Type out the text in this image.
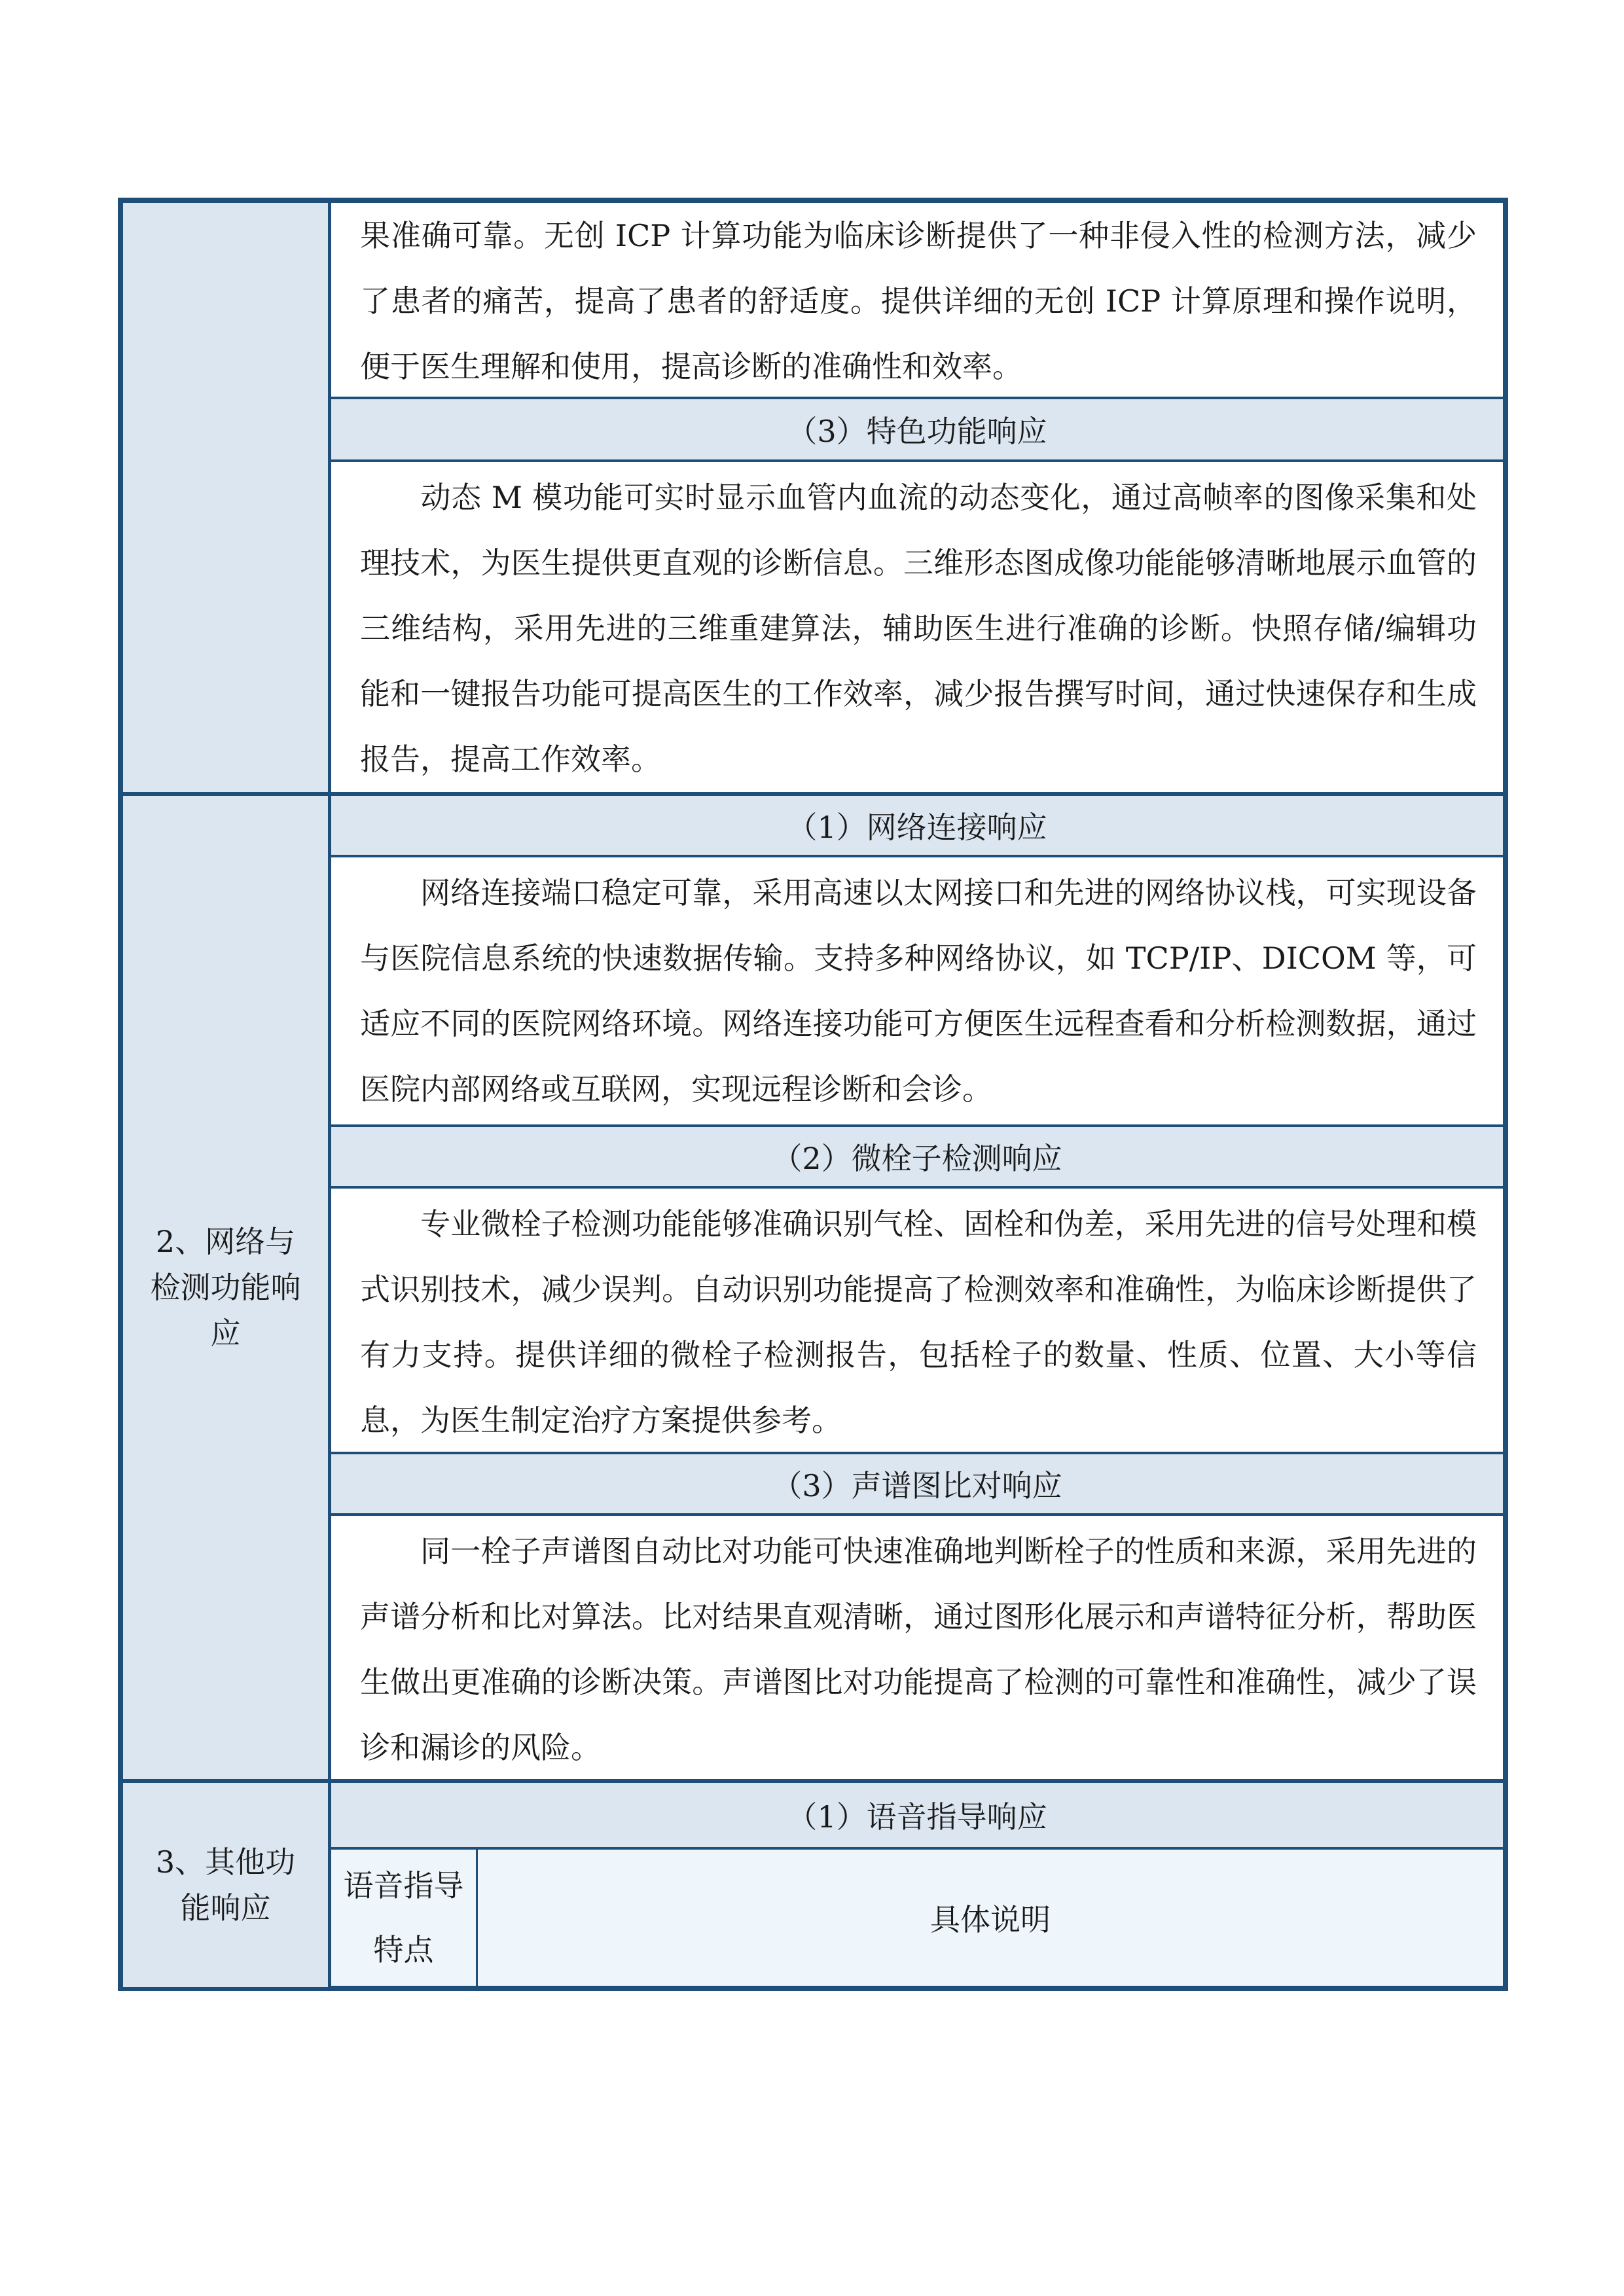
2、网络与检测功能响应
3、其他功能响应
果准确可靠。无创 ICP 计算功能为临床诊断提供了一种非侵入性的检测方法，减少了患者的痛苦，提高了患者的舒适度。提供详细的无创 ICP 计算原理和操作说明，便于医生理解和使用，提高诊断的准确性和效率。
（3）特色功能响应
动态 M 模功能可实时显示血管内血流的动态变化，通过高帧率的图像采集和处理技术，为医生提供更直观的诊断信息。三维形态图成像功能能够清晰地展示血管的三维结构，采用先进的三维重建算法，辅助医生进行准确的诊断。快照存储/编辑功能和一键报告功能可提高医生的工作效率，减少报告撰写时间，通过快速保存和生成报告，提高工作效率。
（1）网络连接响应
网络连接端口稳定可靠，采用高速以太网接口和先进的网络协议栈，可实现设备与医院信息系统的快速数据传输。支持多种网络协议，如 TCP/IP、DICOM 等，可适应不同的医院网络环境。网络连接功能可方便医生远程查看和分析检测数据，通过医院内部网络或互联网，实现远程诊断和会诊。
（2）微栓子检测响应
专业微栓子检测功能能够准确识别气栓、固栓和伪差，采用先进的信号处理和模式识别技术，减少误判。自动识别功能提高了检测效率和准确性，为临床诊断提供了有力支持。提供详细的微栓子检测报告，包括栓子的数量、性质、位置、大小等信息，为医生制定治疗方案提供参考。
（3）声谱图比对响应
同一栓子声谱图自动比对功能可快速准确地判断栓子的性质和来源，采用先进的声谱分析和比对算法。比对结果直观清晰，通过图形化展示和声谱特征分析，帮助医生做出更准确的诊断决策。声谱图比对功能提高了检测的可靠性和准确性，减少了误诊和漏诊的风险。
（1）语音指导响应
语音指导特点
具体说明
